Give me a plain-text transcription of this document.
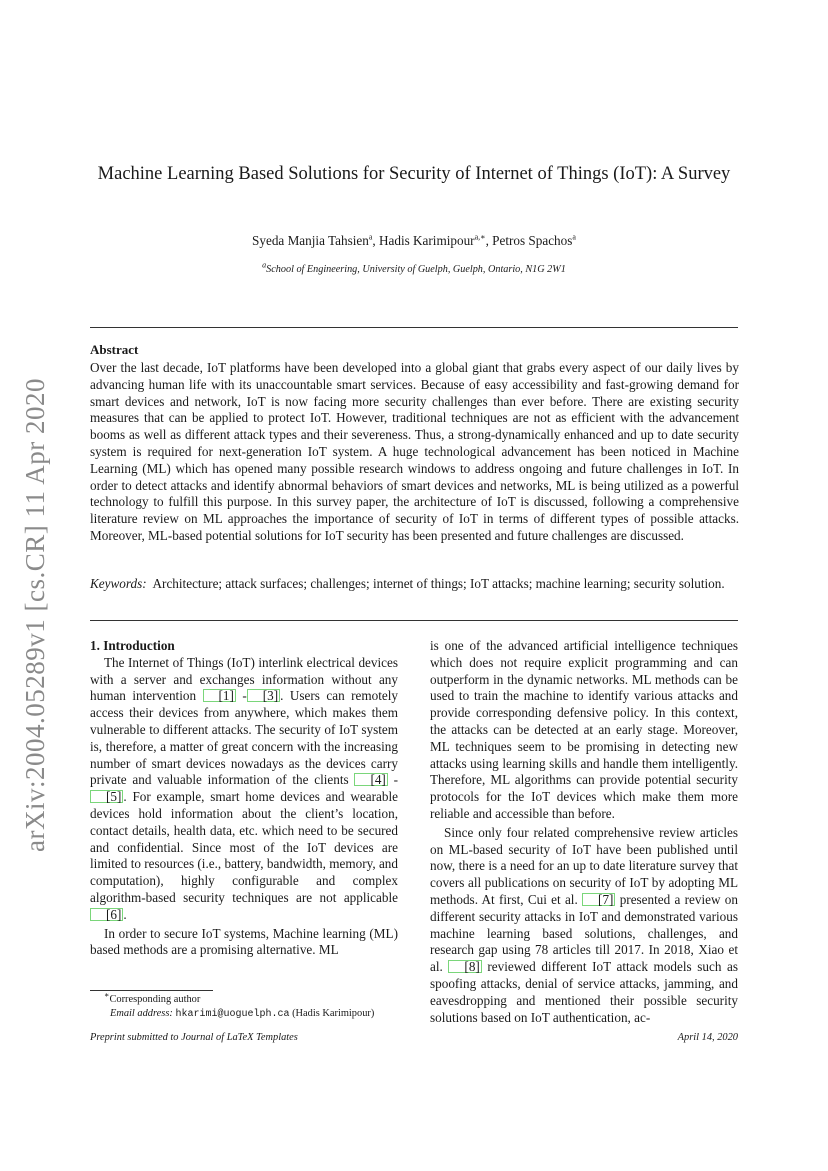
arXiv:2004.05289v1 [cs.CR] 11 Apr 2020
Machine Learning Based Solutions for Security of Internet of Things (IoT): A Survey
Syeda Manjia Tahsien$^a$, Hadis Karimipour$^{a,∗}$, Petros Spachos$^a$
$^a$School of Engineering, University of Guelph, Guelph, Ontario, N1G 2W1
Abstract
Over the last decade, IoT platforms have been developed into a global giant that grabs every aspect of our daily lives by advancing human life with its unaccountable smart services. Because of easy accessibility and fast-growing demand for smart devices and network, IoT is now facing more security challenges than ever before. There are existing security measures that can be applied to protect IoT. However, traditional techniques are not as efficient with the advancement booms as well as different attack types and their severeness. Thus, a strong-dynamically enhanced and up to date security system is required for next-generation IoT system. A huge technological advancement has been noticed in Machine Learning (ML) which has opened many possible research windows to address ongoing and future challenges in IoT. In order to detect attacks and identify abnormal behaviors of smart devices and networks, ML is being utilized as a powerful technology to fulfill this purpose. In this survey paper, the architecture of IoT is discussed, following a comprehensive literature review on ML approaches the importance of security of IoT in terms of different types of possible attacks. Moreover, ML-based potential solutions for IoT security has been presented and future challenges are discussed.
Keywords: Architecture; attack surfaces; challenges; internet of things; IoT attacks; machine learning; security solution.

1. Introduction

The Internet of Things (IoT) interlink electrical devices with a server and exchanges information without any human intervention [1] - [3] . Users can remotely access their devices from anywhere, which makes them vulnerable to different attacks. The security of IoT system is, therefore, a matter of great concern with the increasing number of smart devices nowadays as the devices carry private and valuable information of the clients [4] -[5] . For example, smart home devices and wearable devices hold information about the client’s location, contact details, health data, etc. which need to be secured and confidential. Since most of the IoT devices are limited to resources (i.e., battery, bandwidth, memory, and computation), highly configurable and complex algorithm-based security techniques are not applicable [6] .

In order to secure IoT systems, Machine learning (ML) based methods are a promising alternative. ML

∗Corresponding author
Email address: hkarimi@uoguelph.ca (Hadis Karimipour)

is one of the advanced artificial intelligence techniques which does not require explicit programming and can outperform in the dynamic networks. ML methods can be used to train the machine to identify various attacks and provide corresponding defensive policy. In this context, the attacks can be detected at an early stage. Moreover, ML techniques seem to be promising in detecting new attacks using learning skills and handle them intelligently. Therefore, ML algorithms can provide potential security protocols for the IoT devices which make them more reliable and accessible than before.

Since only four related comprehensive review articles on ML-based security of IoT have been published until now, there is a need for an up to date literature survey that covers all publications on security of IoT by adopting ML methods. At first, Cui et al. [7] presented a review on different security attacks in IoT and demonstrated various machine learning based solutions, challenges, and research gap using 78 articles till 2017. In 2018, Xiao et al. [8] reviewed different IoT attack models such as spoofing attacks, denial of service attacks, jamming, and eavesdropping and mentioned their possible security solutions based on IoT authentication, ac-

Preprint submitted to Journal of LaTeX Templates	April 14, 2020
